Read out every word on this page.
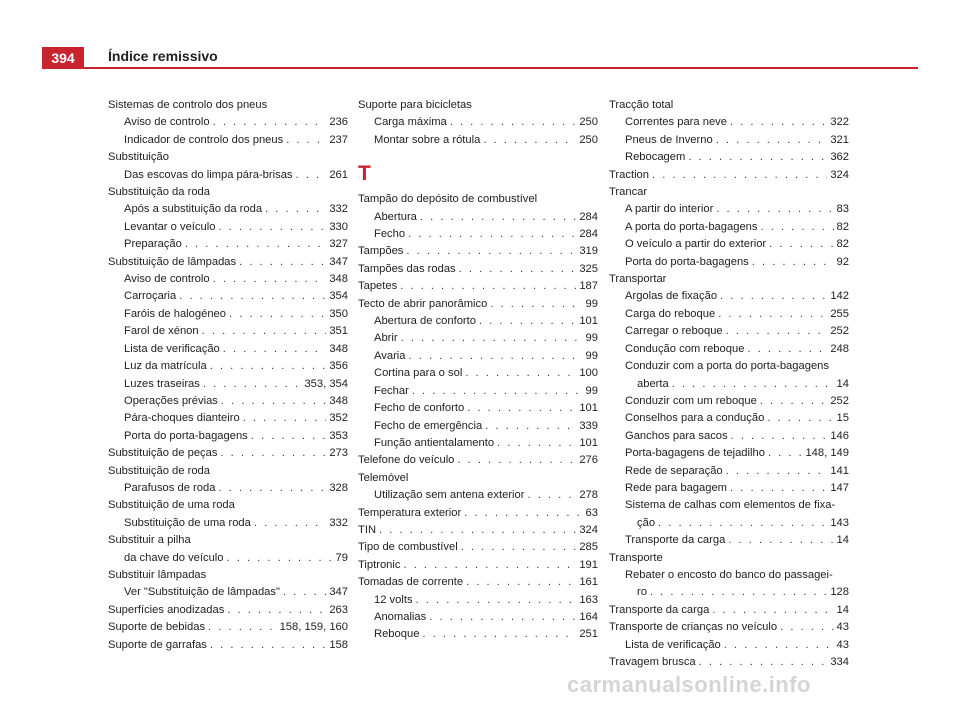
394	Índice remissivo
Sistemas de controlo dos pneus
Aviso de controlo . . .	236
Indicador de controlo dos pneus . . .	237
Substituição
Das escovas do limpa pára-brisas . . .	261
Substituição da roda
Após a substituição da roda . . .	332
Levantar o veículo . . .	330
Preparação . . .	327
Substituição de lâmpadas . . .	347
Aviso de controlo . . .	348
Carroçaria . . .	354
Faróis de halogéneo . . .	350
Farol de xénon . . .	351
Lista de verificação . . .	348
Luz da matrícula . . .	356
Luzes traseiras . . .	353, 354
Operações prévias . . .	348
Pára-choques dianteiro . . .	352
Porta do porta-bagagens . . .	353
Substituição de peças . . .	273
Substituição de roda
Parafusos de roda . . .	328
Substituição de uma roda
Substituição de uma roda . . .	332
Substituir a pilha
da chave do veículo . . .	79
Substituir lâmpadas
Ver "Substituição de lâmpadas" . . .	347
Superfícies anodizadas . . .	263
Suporte de bebidas . . .	158, 159, 160
Suporte de garrafas . . .	158
Suporte para bicicletas
Carga máxima . . .	250
Montar sobre a rótula . . .	250
T
Tampão do depósito de combustível
Abertura . . .	284
Fecho . . .	284
Tampões . . .	319
Tampões das rodas . . .	325
Tapetes . . .	187
Tecto de abrir panorâmico . . .	99
Abertura de conforto . . .	101
Abrir . . .	99
Avaria . . .	99
Cortina para o sol . . .	100
Fechar . . .	99
Fecho de conforto . . .	101
Fecho de emergência . . .	339
Função antientalamento . . .	101
Telefone do veículo . . .	276
Telemóvel
Utilização sem antena exterior . . .	278
Temperatura exterior . . .	63
TIN . . .	324
Tipo de combustível . . .	285
Tiptronic . . .	191
Tomadas de corrente . . .	161
12 volts . . .	163
Anomalias . . .	164
Reboque . . .	251
Tracção total
Correntes para neve . . .	322
Pneus de Inverno . . .	321
Rebocagem . . .	362
Traction . . .	324
Trancar
A partir do interior . . .	83
A porta do porta-bagagens . . .	82
O veículo a partir do exterior . . .	82
Porta do porta-bagagens . . .	92
Transportar
Argolas de fixação . . .	142
Carga do reboque . . .	255
Carregar o reboque . . .	252
Condução com reboque . . .	248
Conduzir com a porta do porta-bagagens
aberta . . .	14
Conduzir com um reboque . . .	252
Conselhos para a condução . . .	15
Ganchos para sacos . . .	146
Porta-bagagens de tejadilho . . .	148, 149
Rede de separação . . .	141
Rede para bagagem . . .	147
Sistema de calhas com elementos de fixa-
ção . . .	143
Transporte da carga . . .	14
Transporte
Rebater o encosto do banco do passagei-
ro . . .	128
Transporte da carga . . .	14
Transporte de crianças no veículo . . .	43
Lista de verificação . . .	43
Travagem brusca . . .	334
carmanualsonline.info
